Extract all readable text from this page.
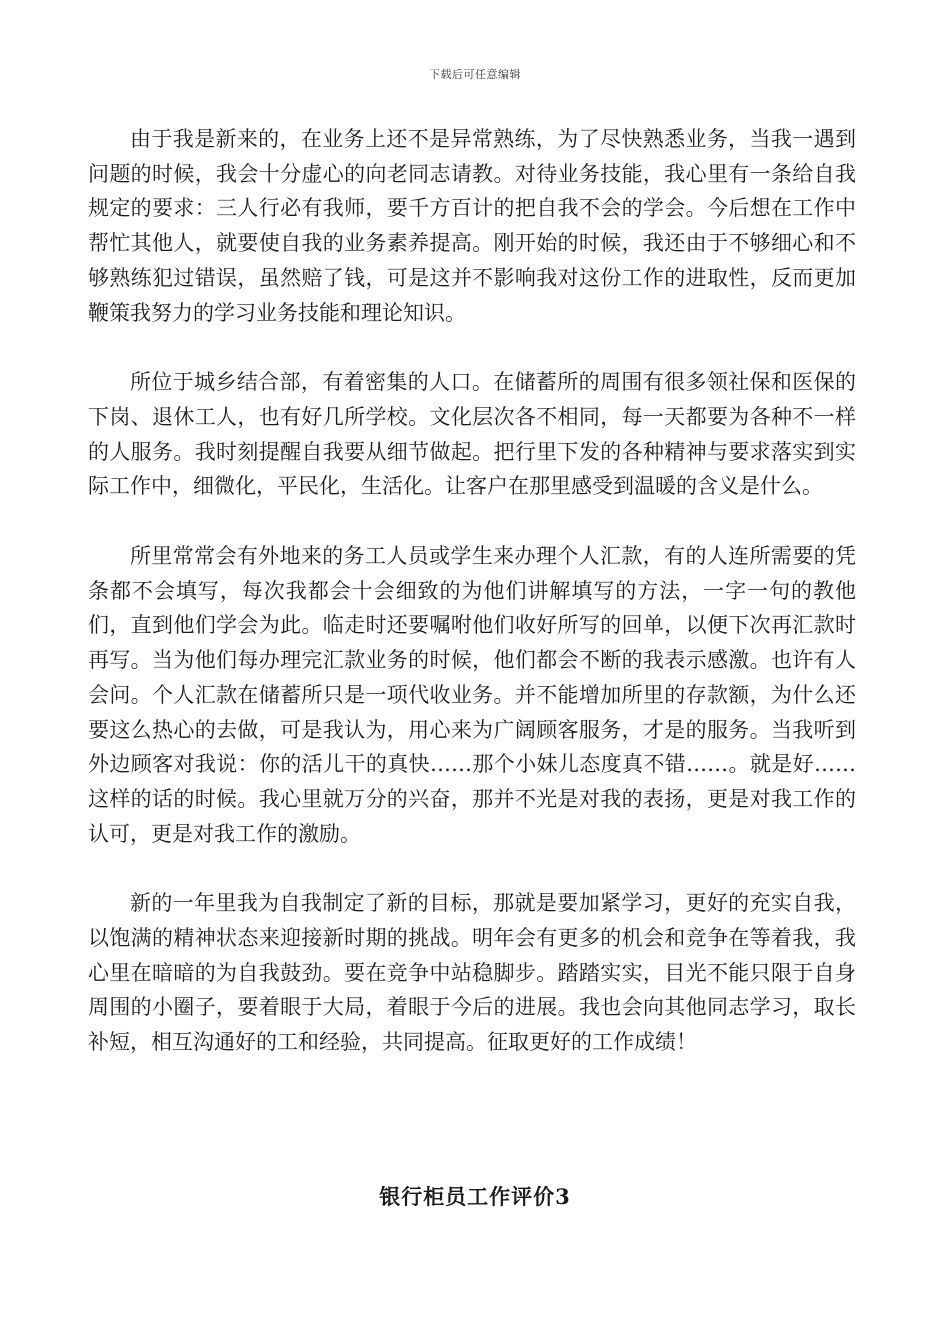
下载后可任意编辑

由于我是新来的，在业务上还不是异常熟练，为了尽快熟悉业务，当我一遇到问题的时候，我会十分虚心的向老同志请教。对待业务技能，我心里有一条给自我规定的要求：三人行必有我师，要千方百计的把自我不会的学会。今后想在工作中帮忙其他人，就要使自我的业务素养提高。刚开始的时候，我还由于不够细心和不够熟练犯过错误，虽然赔了钱，可是这并不影响我对这份工作的进取性，反而更加鞭策我努力的学习业务技能和理论知识。

所位于城乡结合部，有着密集的人口。在储蓄所的周围有很多领社保和医保的下岗、退休工人，也有好几所学校。文化层次各不相同，每一天都要为各种不一样的人服务。我时刻提醒自我要从细节做起。把行里下发的各种精神与要求落实到实际工作中，细微化，平民化，生活化。让客户在那里感受到温暖的含义是什么。

所里常常会有外地来的务工人员或学生来办理个人汇款，有的人连所需要的凭条都不会填写，每次我都会十会细致的为他们讲解填写的方法，一字一句的教他们，直到他们学会为此。临走时还要嘱咐他们收好所写的回单，以便下次再汇款时再写。当为他们每办理完汇款业务的时候，他们都会不断的我表示感激。也许有人会问。个人汇款在储蓄所只是一项代收业务。并不能增加所里的存款额，为什么还要这么热心的去做，可是我认为，用心来为广阔顾客服务，才是的服务。当我听到外边顾客对我说：你的活儿干的真快……那个小妹儿态度真不错……。就是好……这样的话的时候。我心里就万分的兴奋，那并不光是对我的表扬，更是对我工作的认可，更是对我工作的激励。

新的一年里我为自我制定了新的目标，那就是要加紧学习，更好的充实自我，以饱满的精神状态来迎接新时期的挑战。明年会有更多的机会和竞争在等着我，我心里在暗暗的为自我鼓劲。要在竞争中站稳脚步。踏踏实实，目光不能只限于自身周围的小圈子，要着眼于大局，着眼于今后的进展。我也会向其他同志学习，取长补短，相互沟通好的工和经验，共同提高。征取更好的工作成绩！

银行柜员工作评价3
